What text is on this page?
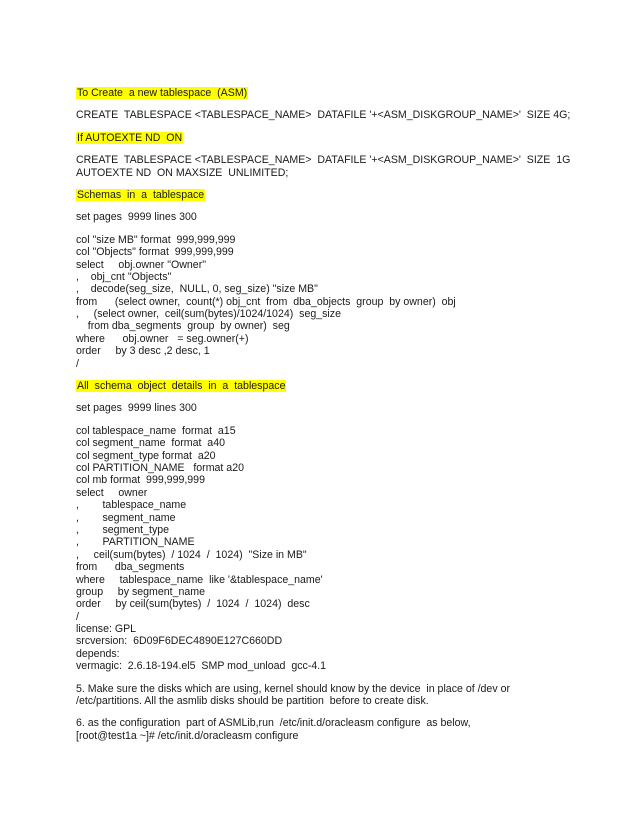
To Create  a new tablespace  (ASM)
CREATE  TABLESPACE <TABLESPACE_NAME>  DATAFILE '+<ASM_DISKGROUP_NAME>'  SIZE 4G;
If AUTOEXTE ND  ON
CREATE  TABLESPACE <TABLESPACE_NAME>  DATAFILE '+<ASM_DISKGROUP_NAME>'  SIZE  1G
AUTOEXTE ND  ON MAXSIZE  UNLIMITED;
Schemas  in  a  tablespace
set pages  9999 lines 300
col "size MB" format  999,999,999
col "Objects" format  999,999,999
select     obj.owner "Owner"
,    obj_cnt "Objects"
,    decode(seg_size,  NULL, 0, seg_size) "size MB"
from      (select owner,  count(*) obj_cnt  from  dba_objects  group  by owner)  obj
,     (select owner,  ceil(sum(bytes)/1024/1024)  seg_size
from dba_segments  group  by owner)  seg
where      obj.owner   = seg.owner(+)
order     by 3 desc ,2 desc, 1
/
All  schema  object  details  in  a  tablespace
set pages  9999 lines 300
col tablespace_name  format  a15
col segment_name  format  a40
col segment_type format  a20
col PARTITION_NAME   format a20
col mb format  999,999,999
select     owner
,        tablespace_name
,        segment_name
,        segment_type
,        PARTITION_NAME
,     ceil(sum(bytes)  / 1024  /  1024)  "Size in MB"
from      dba_segments
where     tablespace_name  like '&tablespace_name'
group     by segment_name
order     by ceil(sum(bytes)  /  1024  /  1024)  desc
/
license: GPL
srcversion:  6D09F6DEC4890E127C660DD
depends:
vermagic:  2.6.18-194.el5  SMP mod_unload  gcc-4.1
5. Make sure the disks which are using, kernel should know by the device  in place of /dev or
/etc/partitions. All the asmlib disks should be partition  before to create disk.
6. as the configuration  part of ASMLib,run  /etc/init.d/oracleasm configure  as below,
[root@test1a ~]# /etc/init.d/oracleasm configure
